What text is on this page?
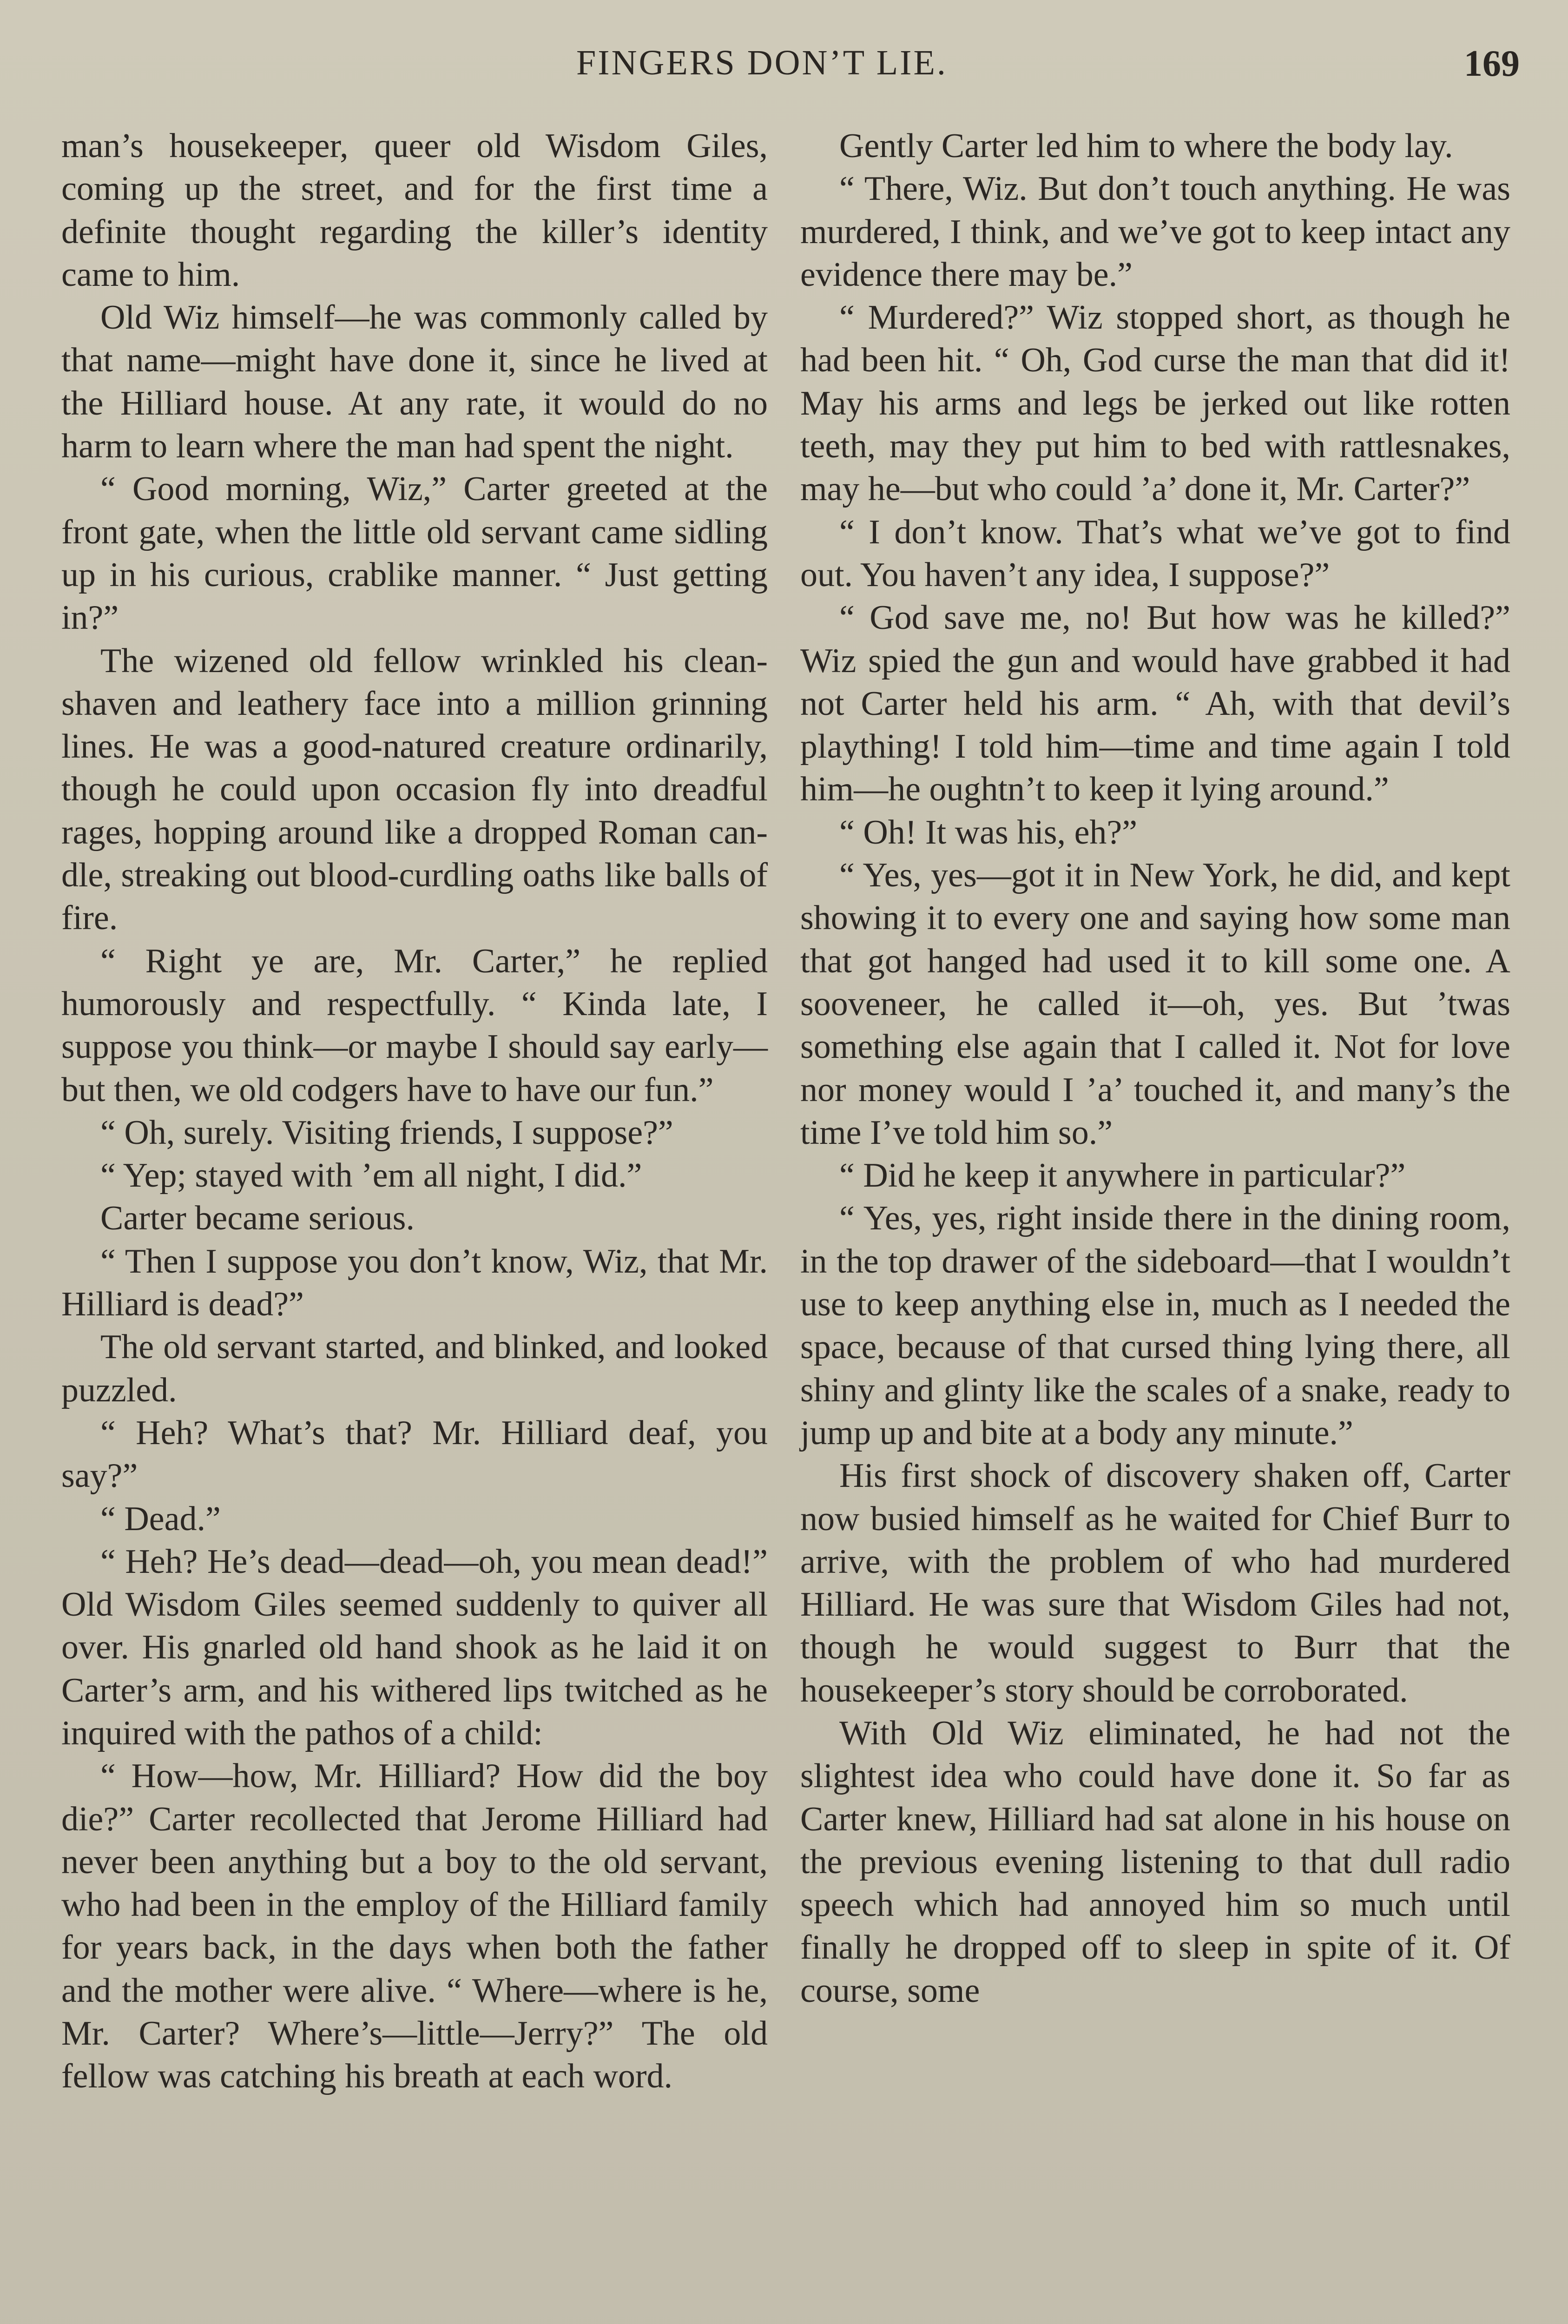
FINGERS DON’T LIE.	169

man’s housekeeper, queer old Wisdom Giles, coming up the street, and for the first time a definite thought regarding the killer’s identity came to him.

Old Wiz himself—he was commonly called by that name—might have done it, since he lived at the Hilliard house. At any rate, it would do no harm to learn where the man had spent the night.

“ Good morning, Wiz,” Carter greeted at the front gate, when the little old servant came sidling up in his curious, crablike manner. “ Just getting in?”

The wizened old fellow wrinkled his clean-shaven and leathery face into a million grinning lines. He was a good-natured creature ordinarily, though he could upon occasion fly into dreadful rages, hopping around like a dropped Roman candle, streaking out blood-curdling oaths like balls of fire.

“ Right ye are, Mr. Carter,” he replied humorously and respectfully. “ Kinda late, I suppose you think—or maybe I should say early—but then, we old codgers have to have our fun.”

“ Oh, surely. Visiting friends, I suppose?”

“ Yep; stayed with ’em all night, I did.”

Carter became serious.

“ Then I suppose you don’t know, Wiz, that Mr. Hilliard is dead?”

The old servant started, and blinked, and looked puzzled.

“ Heh? What’s that? Mr. Hilliard deaf, you say?”

“ Dead.”

“ Heh? He’s dead—dead—oh, you mean dead!” Old Wisdom Giles seemed suddenly to quiver all over. His gnarled old hand shook as he laid it on Carter’s arm, and his withered lips twitched as he inquired with the pathos of a child:

“ How—how, Mr. Hilliard? How did the boy die?” Carter recollected that Jerome Hilliard had never been anything but a boy to the old servant, who had been in the employ of the Hilliard family for years back, in the days when both the father and the mother were alive. “ Where—where is he, Mr. Carter? Where’s—little—Jerry?” The old fellow was catching his breath at each word.

Gently Carter led him to where the body lay.

“ There, Wiz. But don’t touch anything. He was murdered, I think, and we’ve got to keep intact any evidence there may be.”

“ Murdered?” Wiz stopped short, as though he had been hit. “ Oh, God curse the man that did it! May his arms and legs be jerked out like rotten teeth, may they put him to bed with rattlesnakes, may he—but who could ’a’ done it, Mr. Carter?”

“ I don’t know. That’s what we’ve got to find out. You haven’t any idea, I suppose?”

“ God save me, no! But how was he killed?” Wiz spied the gun and would have grabbed it had not Carter held his arm. “ Ah, with that devil’s plaything! I told him—time and time again I told him—he oughtn’t to keep it lying around.”

“ Oh! It was his, eh?”

“ Yes, yes—got it in New York, he did, and kept showing it to every one and saying how some man that got hanged had used it to kill some one. A sooveneer, he called it—oh, yes. But ’twas something else again that I called it. Not for love nor money would I ’a’ touched it, and many’s the time I’ve told him so.”

“ Did he keep it anywhere in particular?”

“ Yes, yes, right inside there in the dining room, in the top drawer of the sideboard—that I wouldn’t use to keep anything else in, much as I needed the space, because of that cursed thing lying there, all shiny and glinty like the scales of a snake, ready to jump up and bite at a body any minute.”

His first shock of discovery shaken off, Carter now busied himself as he waited for Chief Burr to arrive, with the problem of who had murdered Hilliard. He was sure that Wisdom Giles had not, though he would suggest to Burr that the housekeeper’s story should be corroborated.

With Old Wiz eliminated, he had not the slightest idea who could have done it. So far as Carter knew, Hilliard had sat alone in his house on the previous evening listening to that dull radio speech which had annoyed him so much until finally he dropped off to sleep in spite of it. Of course, some
